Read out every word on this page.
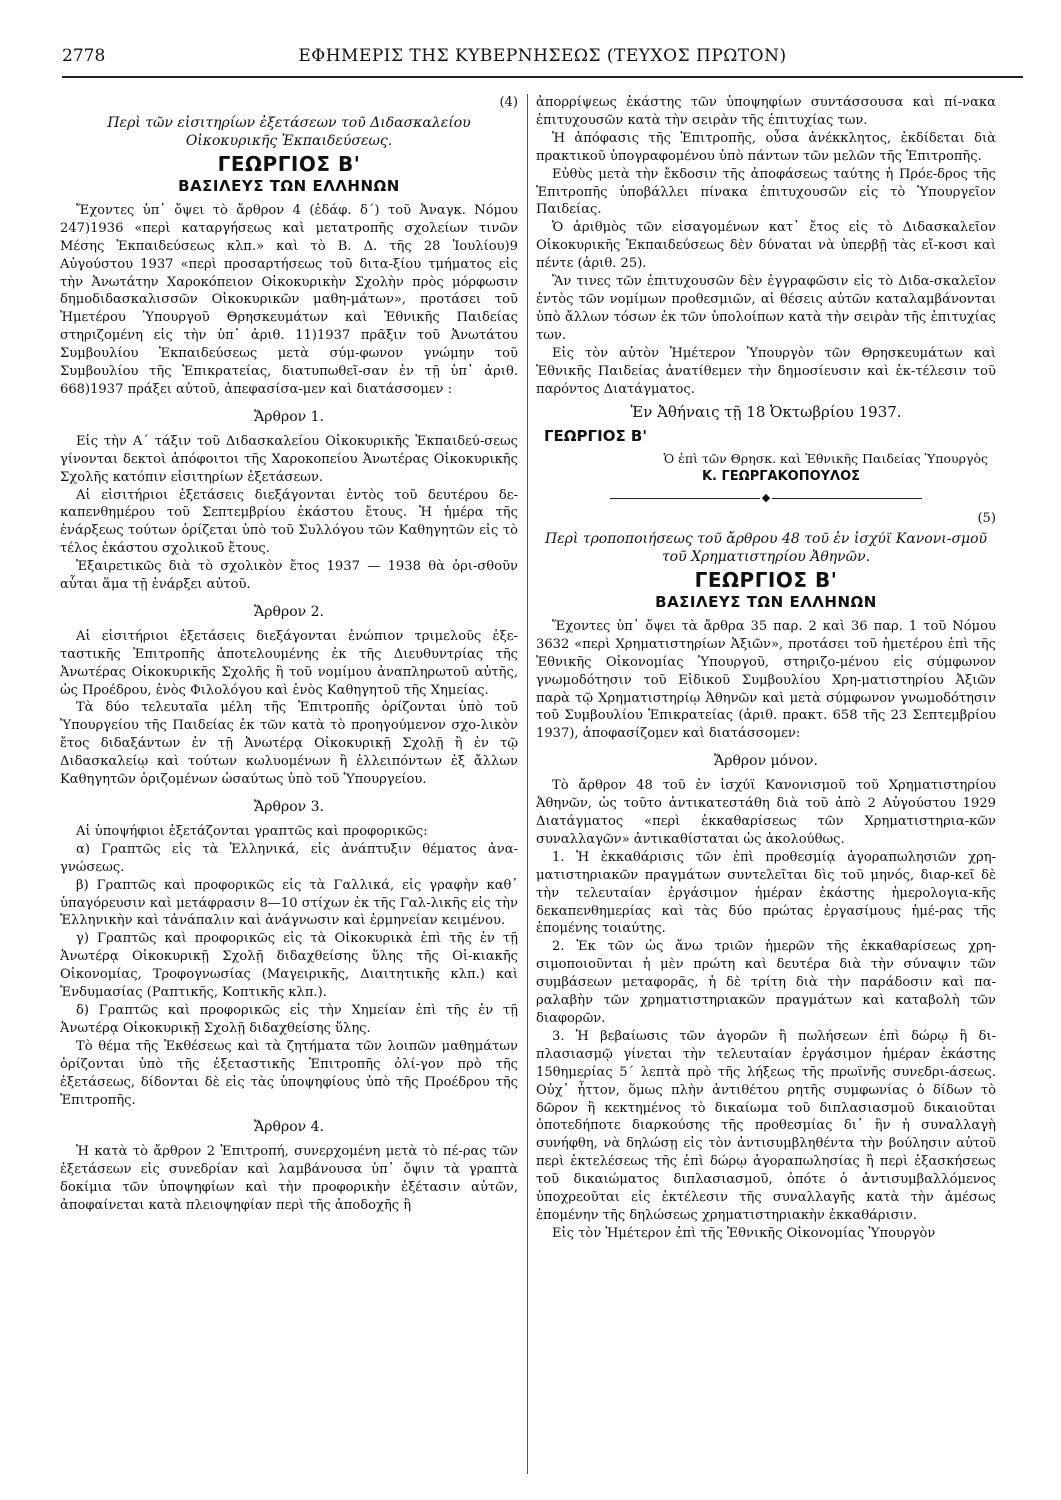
2778	ΕΦΗΜΕΡΙΣ ΤΗΣ ΚΥΒΕΡΝΗΣΕΩΣ (ΤΕΥΧΟΣ ΠΡΩΤΟΝ)

(4)

Περὶ τῶν εἰσιτηρίων ἐξετάσεων τοῦ Διδασκαλείου Οἰκοκυρικῆς Ἐκπαιδεύσεως.

ΓΕΩΡΓΙΟΣ Β'

ΒΑΣΙΛΕΥΣ ΤΩΝ ΕΛΛΗΝΩΝ

Ἔχοντες ὑπ᾿ ὄψει τὸ ἄρθρον 4 (ἐδάφ. δ΄) τοῦ Ἀναγκ. Νόμου 247)1936 «περὶ καταργήσεως καὶ μετατροπῆς σχολείων τινῶν Μέσης Ἐκπαιδεύσεως κλπ.» καὶ τὸ Β. Δ. τῆς 28 Ἰουλίου)9 Αὐγούστου 1937 «περὶ προσαρτήσεως τοῦ διτα-ξίου τμήματος εἰς τὴν Ἀνωτάτην Χαροκόπειον Οἰκοκυρικὴν Σχολὴν πρὸς μόρφωσιν δημοδιδασκαλισσῶν Οἰκοκυρικῶν μαθη-μάτων», προτάσει τοῦ Ἡμετέρου Ὑπουργοῦ Θρησκευμάτων καὶ Ἐθνικῆς Παιδείας στηριζομένη εἰς τὴν ὑπ᾿ ἀριθ. 11)1937 πρᾶξιν τοῦ Ἀνωτάτου Συμβουλίου Ἐκπαιδεύσεως μετὰ σύμ-φωνον γνώμην τοῦ Συμβουλίου τῆς Ἐπικρατείας, διατυπωθεῖ-σαν ἐν τῇ ὑπ᾿ ἀριθ. 668)1937 πράξει αὐτοῦ, ἀπεφασίσα-μεν καὶ διατάσσομεν :

Ἄρθρον 1.

Εἰς τὴν Α΄ τάξιν τοῦ Διδασκαλείου Οἰκοκυρικῆς Ἐκπαιδεύ-σεως γίνονται δεκτοὶ ἀπόφοιτοι τῆς Χαροκοπείου Ἀνωτέρας Οἰκοκυρικῆς Σχολῆς κατόπιν εἰσιτηρίων ἐξετάσεων.

Αἱ εἰσιτήριοι ἐξετάσεις διεξάγονται ἐντὸς τοῦ δευτέρου δε-καπενθημέρου τοῦ Σεπτεμβρίου ἑκάστου ἔτους. Ἡ ἡμέρα τῆς ἐνάρξεως τούτων ὁρίζεται ὑπὸ τοῦ Συλλόγου τῶν Καθηγητῶν εἰς τὸ τέλος ἑκάστου σχολικοῦ ἔτους.

Ἐξαιρετικῶς διὰ τὸ σχολικὸν ἔτος 1937 — 1938 θὰ ὁρι-σθοῦν αὗται ἅμα τῇ ἐνάρξει αὐτοῦ.

Ἄρθρον 2.

Αἱ εἰσιτήριοι ἐξετάσεις διεξάγονται ἐνώπιον τριμελοῦς ἐξε-ταστικῆς Ἐπιτροπῆς ἀποτελουμένης ἐκ τῆς Διευθυντρίας τῆς Ἀνωτέρας Οἰκοκυρικῆς Σχολῆς ἢ τοῦ νομίμου ἀναπληρωτοῦ αὐτῆς, ὡς Προέδρου, ἑνὸς Φιλολόγου καὶ ἑνὸς Καθηγητοῦ τῆς Χημείας.

Τὰ δύο τελευταῖα μέλη τῆς Ἐπιτροπῆς ὁρίζονται ὑπὸ τοῦ Ὑπουργείου τῆς Παιδείας ἐκ τῶν κατὰ τὸ προηγούμενον σχο-λικὸν ἔτος διδαξάντων ἐν τῇ Ἀνωτέρᾳ Οἰκοκυρικῇ Σχολῇ ἢ ἐν τῷ Διδασκαλείῳ καὶ τούτων κωλυομένων ἢ ἐλλειπόντων ἐξ ἄλλων Καθηγητῶν ὁριζομένων ὡσαύτως ὑπὸ τοῦ Ὑπουργείου.

Ἄρθρον 3.

Αἱ ὑποψήφιοι ἐξετάζονται γραπτῶς καὶ προφορικῶς:

α) Γραπτῶς εἰς τὰ Ἑλληνικά, εἰς ἀνάπτυξιν θέματος ἀνα-γνώσεως.

β) Γραπτῶς καὶ προφορικῶς εἰς τὰ Γαλλικά, εἰς γραφὴν καθ᾿ ὑπαγόρευσιν καὶ μετάφρασιν 8—10 στίχων ἐκ τῆς Γαλ-λικῆς εἰς τὴν Ἑλληνικὴν καὶ τἀνάπαλιν καὶ ἀνάγνωσιν καὶ ἑρμηνείαν κειμένου.

γ) Γραπτῶς καὶ προφορικῶς εἰς τὰ Οἰκοκυρικὰ ἐπὶ τῆς ἐν τῇ Ἀνωτέρᾳ Οἰκοκυρικῇ Σχολῇ διδαχθείσης ὕλης τῆς Οἰ-κιακῆς Οἰκονομίας, Τροφογνωσίας (Μαγειρικῆς, Διαιτητικῆς κλπ.) καὶ Ἐνδυμασίας (Ραπτικῆς, Κοπτικῆς κλπ.).

δ) Γραπτῶς καὶ προφορικῶς εἰς τὴν Χημείαν ἐπὶ τῆς ἐν τῇ Ἀνωτέρᾳ Οἰκοκυρικῇ Σχολῇ διδαχθείσης ὕλης.

Τὸ θέμα τῆς Ἐκθέσεως καὶ τὰ ζητήματα τῶν λοιπῶν μαθημάτων ὁρίζονται ὑπὸ τῆς ἐξεταστικῆς Ἐπιτροπῆς ὀλί-γον πρὸ τῆς ἐξετάσεως, δίδονται δὲ εἰς τὰς ὑποψηφίους ὑπὸ τῆς Προέδρου τῆς Ἐπιτροπῆς.

Ἄρθρον 4.

Ἡ κατὰ τὸ ἄρθρον 2 Ἐπιτροπή, συνερχομένη μετὰ τὸ πέ-ρας τῶν ἐξετάσεων εἰς συνεδρίαν καὶ λαμβάνουσα ὑπ᾿ ὄψιν τὰ γραπτὰ δοκίμια τῶν ὑποψηφίων καὶ τὴν προφορικὴν ἐξέτασιν αὐτῶν, ἀποφαίνεται κατὰ πλειοψηφίαν περὶ τῆς ἀποδοχῆς ἢ

ἀπορρίψεως ἑκάστης τῶν ὑποψηφίων συντάσσουσα καὶ πί-νακα ἐπιτυχουσῶν κατὰ τὴν σειρὰν τῆς ἐπιτυχίας των.

Ἡ ἀπόφασις τῆς Ἐπιτροπῆς, οὖσα ἀνέκκλητος, ἐκδίδεται διὰ πρακτικοῦ ὑπογραφομένου ὑπὸ πάντων τῶν μελῶν τῆς Ἐπιτροπῆς.

Εὐθὺς μετὰ τὴν ἔκδοσιν τῆς ἀποφάσεως ταύτης ἡ Πρόε-δρος τῆς Ἐπιτροπῆς ὑποβάλλει πίνακα ἐπιτυχουσῶν εἰς τὸ Ὑπουργεῖον Παιδείας.

Ὁ ἀριθμὸς τῶν εἰσαγομένων κατ᾿ ἔτος εἰς τὸ Διδασκαλεῖον Οἰκοκυρικῆς Ἐκπαιδεύσεως δὲν δύναται νὰ ὑπερβῇ τὰς εἴ-κοσι καὶ πέντε (ἀριθ. 25).

Ἂν τινες τῶν ἐπιτυχουσῶν δὲν ἐγγραφῶσιν εἰς τὸ Διδα-σκαλεῖον ἐντὸς τῶν νομίμων προθεσμιῶν, αἱ θέσεις αὐτῶν καταλαμβάνονται ὑπὸ ἄλλων τόσων ἐκ τῶν ὑπολοίπων κατὰ τὴν σειρὰν τῆς ἐπιτυχίας των.

Εἰς τὸν αὐτὸν Ἡμέτερον Ὑπουργὸν τῶν Θρησκευμάτων καὶ Ἐθνικῆς Παιδείας ἀνατίθεμεν τὴν δημοσίευσιν καὶ ἐκ-τέλεσιν τοῦ παρόντος Διατάγματος.

Ἐν Ἀθήναις τῇ 18 Ὀκτωβρίου 1937.

ΓΕΩΡΓΙΟΣ Β'

Ὁ ἐπὶ τῶν Θρησκ. καὶ Ἐθνικῆς Παιδείας Ὑπουργὸς

Κ. ΓΕΩΡΓΑΚΟΠΟΥΛΟΣ

◆

(5)

Περὶ τροποποιήσεως τοῦ ἄρθρου 48 τοῦ ἐν ἰσχύϊ Κανονι-σμοῦ τοῦ Χρηματιστηρίου Ἀθηνῶν.

ΓΕΩΡΓΙΟΣ Β'

ΒΑΣΙΛΕΥΣ ΤΩΝ ΕΛΛΗΝΩΝ

Ἔχοντες ὑπ᾿ ὄψει τὰ ἄρθρα 35 παρ. 2 καὶ 36 παρ. 1 τοῦ Νόμου 3632 «περὶ Χρηματιστηρίων Ἀξιῶν», προτάσει τοῦ ἡμετέρου ἐπὶ τῆς Ἐθνικῆς Οἰκονομίας Ὑπουργοῦ, στηριζο-μένου εἰς σύμφωνον γνωμοδότησιν τοῦ Εἰδικοῦ Συμβουλίου Χρη-ματιστηρίου Ἀξιῶν παρὰ τῷ Χρηματιστηρίῳ Ἀθηνῶν καὶ μετὰ σύμφωνον γνωμοδότησιν τοῦ Συμβουλίου Ἐπικρατείας (ἀριθ. πρακτ. 658 τῆς 23 Σεπτεμβρίου 1937), ἀποφασίζομεν καὶ διατάσσομεν:

Ἄρθρον μόνον.

Τὸ ἄρθρον 48 τοῦ ἐν ἰσχύϊ Κανονισμοῦ τοῦ Χρηματιστηρίου Ἀθηνῶν, ὡς τοῦτο ἀντικατεστάθη διὰ τοῦ ἀπὸ 2 Αὐγούστου 1929 Διατάγματος «περὶ ἐκκαθαρίσεως τῶν Χρηματιστηρια-κῶν συναλλαγῶν» ἀντικαθίσταται ὡς ἀκολούθως.

1. Ἡ ἐκκαθάρισις τῶν ἐπὶ προθεσμίᾳ ἀγοραπωλησιῶν χρη-ματιστηριακῶν πραγμάτων συντελεῖται δὶς τοῦ μηνός, διαρ-κεῖ δὲ τὴν τελευταίαν ἐργάσιμον ἡμέραν ἑκάστης ἡμερολογια-κῆς δεκαπενθημερίας καὶ τὰς δύο πρώτας ἐργασίμους ἡμέ-ρας τῆς ἑπομένης τοιαύτης.

2. Ἐκ τῶν ὡς ἄνω τριῶν ἡμερῶν τῆς ἐκκαθαρίσεως χρη-σιμοποιοῦνται ἡ μὲν πρώτη καὶ δευτέρα διὰ τὴν σύναψιν τῶν συμβάσεων μεταφορᾶς, ἡ δὲ τρίτη διὰ τὴν παράδοσιν καὶ πα-ραλαβὴν τῶν χρηματιστηριακῶν πραγμάτων καὶ καταβολὴ τῶν διαφορῶν.

3. Ἡ βεβαίωσις τῶν ἀγορῶν ἢ πωλήσεων ἐπὶ δώρῳ ἢ δι-πλασιασμῷ γίνεται τὴν τελευταίαν ἐργάσιμον ἡμέραν ἑκάστης 15θημερίας 5΄ λεπτὰ πρὸ τῆς λήξεως τῆς πρωϊνῆς συνεδρι-άσεως. Οὐχ᾿ ἧττον, ὅμως πλὴν ἀντιθέτου ρητῆς συμφωνίας ὁ δίδων τὸ δῶρον ἢ κεκτημένος τὸ δικαίωμα τοῦ διπλασιασμοῦ δικαιοῦται ὁποτεδήποτε διαρκούσης τῆς προθεσμίας δι᾿ ἣν ἡ συναλλαγὴ συνήφθη, νὰ δηλώσῃ εἰς τὸν ἀντισυμβληθέντα τὴν βούλησιν αὐτοῦ περὶ ἐκτελέσεως τῆς ἐπὶ δώρῳ ἀγοραπωλησίας ἢ περὶ ἐξασκήσεως τοῦ δικαιώματος διπλασιασμοῦ, ὁπότε ὁ ἀντισυμβαλλόμενος ὑποχρεοῦται εἰς ἐκτέλεσιν τῆς συναλλαγῆς κατὰ τὴν ἀμέσως ἑπομένην τῆς δηλώσεως χρηματιστηριακὴν ἐκκαθάρισιν.

Εἰς τὸν Ἡμέτερον ἐπὶ τῆς Ἐθνικῆς Οἰκονομίας Ὑπουργὸν
